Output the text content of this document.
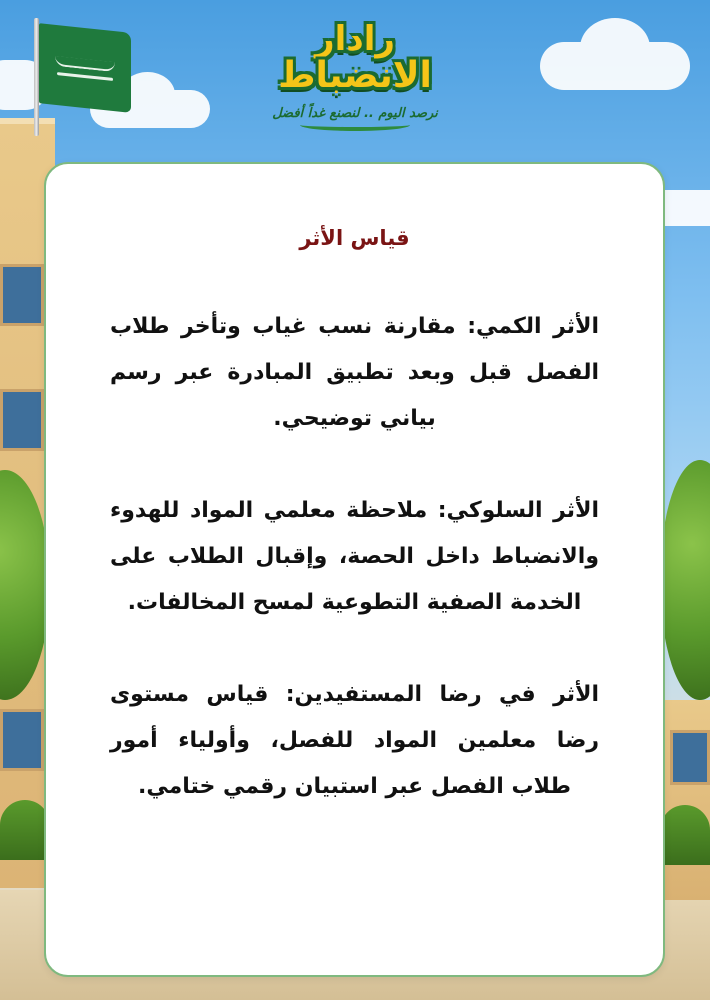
رادار
الانضباط
نرصد اليوم .. لنصنع غداً أفضل
قياس الأثر

الأثر الكمي: مقارنة نسب غياب وتأخر طلاب الفصل قبل وبعد تطبيق المبادرة عبر رسم بياني توضيحي.

الأثر السلوكي: ملاحظة معلمي المواد للهدوء والانضباط داخل الحصة، وإقبال الطلاب على الخدمة الصفية التطوعية لمسح المخالفات.

الأثر في رضا المستفيدين: قياس مستوى رضا معلمين المواد للفصل، وأولياء أمور طلاب الفصل عبر استبيان رقمي ختامي.
